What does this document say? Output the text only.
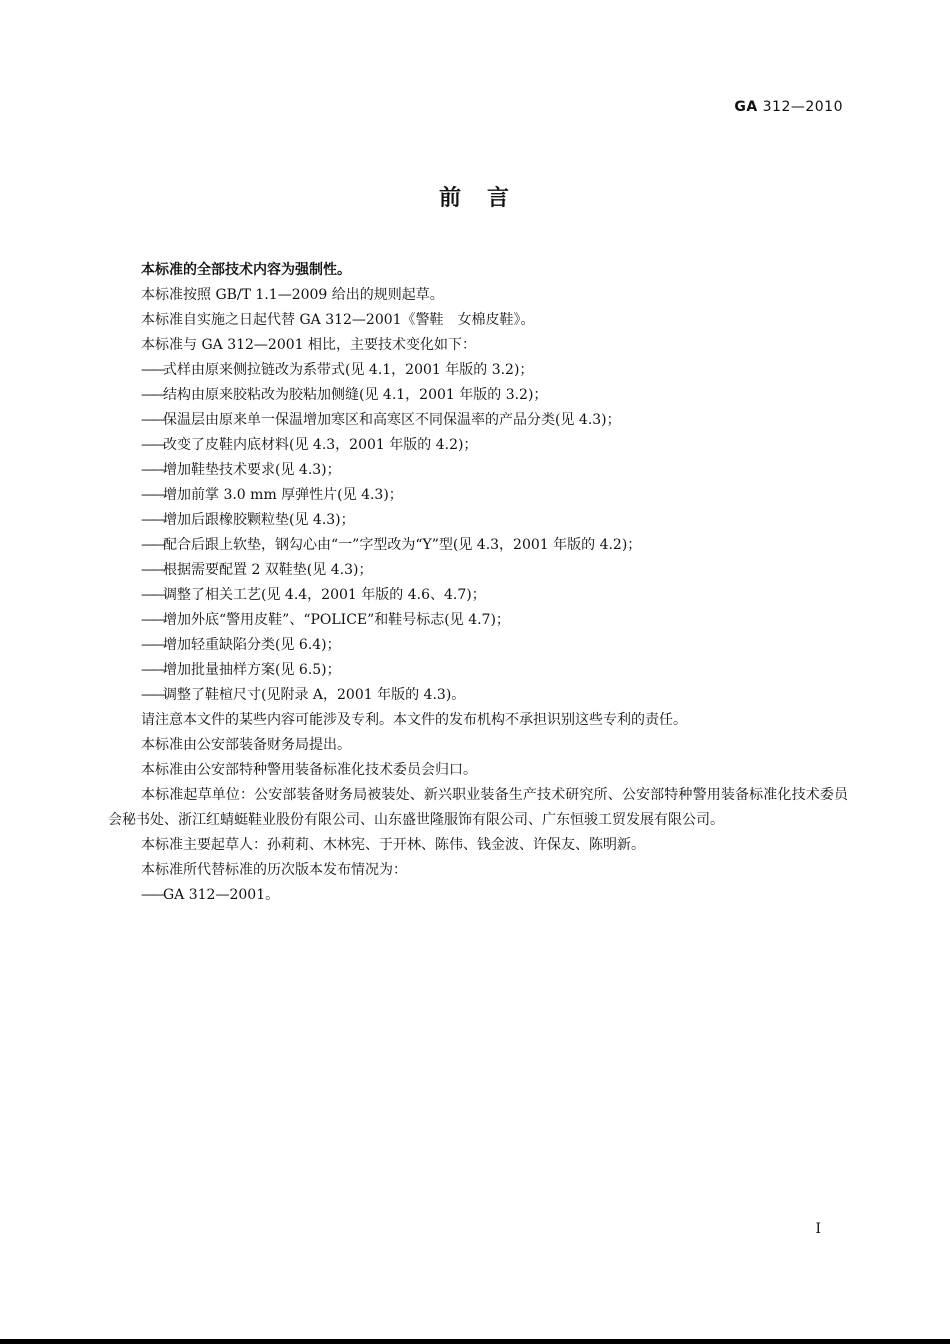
GA 312—2010
前　言

本标准的全部技术内容为强制性。

本标准按照 GB/T 1.1—2009 给出的规则起草。

本标准自实施之日起代替 GA 312—2001《警鞋　女棉皮鞋》。

本标准与 GA 312—2001 相比，主要技术变化如下：

——式样由原来侧拉链改为系带式(见 4.1，2001 年版的 3.2)；

——结构由原来胶粘改为胶粘加侧缝(见 4.1，2001 年版的 3.2)；

——保温层由原来单一保温增加寒区和高寒区不同保温率的产品分类(见 4.3)；

——改变了皮鞋内底材料(见 4.3，2001 年版的 4.2)；

——增加鞋垫技术要求(见 4.3)；

——增加前掌 3.0 mm 厚弹性片(见 4.3)；

——增加后跟橡胶颗粒垫(见 4.3)；

——配合后跟上软垫，钢勾心由“一”字型改为“Y”型(见 4.3，2001 年版的 4.2)；

——根据需要配置 2 双鞋垫(见 4.3)；

——调整了相关工艺(见 4.4，2001 年版的 4.6、4.7)；

——增加外底“警用皮鞋”、“POLICE”和鞋号标志(见 4.7)；

——增加轻重缺陷分类(见 6.4)；

——增加批量抽样方案(见 6.5)；

——调整了鞋楦尺寸(见附录 A，2001 年版的 4.3)。

请注意本文件的某些内容可能涉及专利。本文件的发布机构不承担识别这些专利的责任。

本标准由公安部装备财务局提出。

本标准由公安部特种警用装备标准化技术委员会归口。

本标准起草单位：公安部装备财务局被装处、新兴职业装备生产技术研究所、公安部特种警用装备标准化技术委员会秘书处、浙江红蜻蜓鞋业股份有限公司、山东盛世隆服饰有限公司、广东恒骏工贸发展有限公司。

本标准主要起草人：孙莉莉、木林宪、于开林、陈伟、钱金波、许保友、陈明新。

本标准所代替标准的历次版本发布情况为：

——GA 312—2001。

I
